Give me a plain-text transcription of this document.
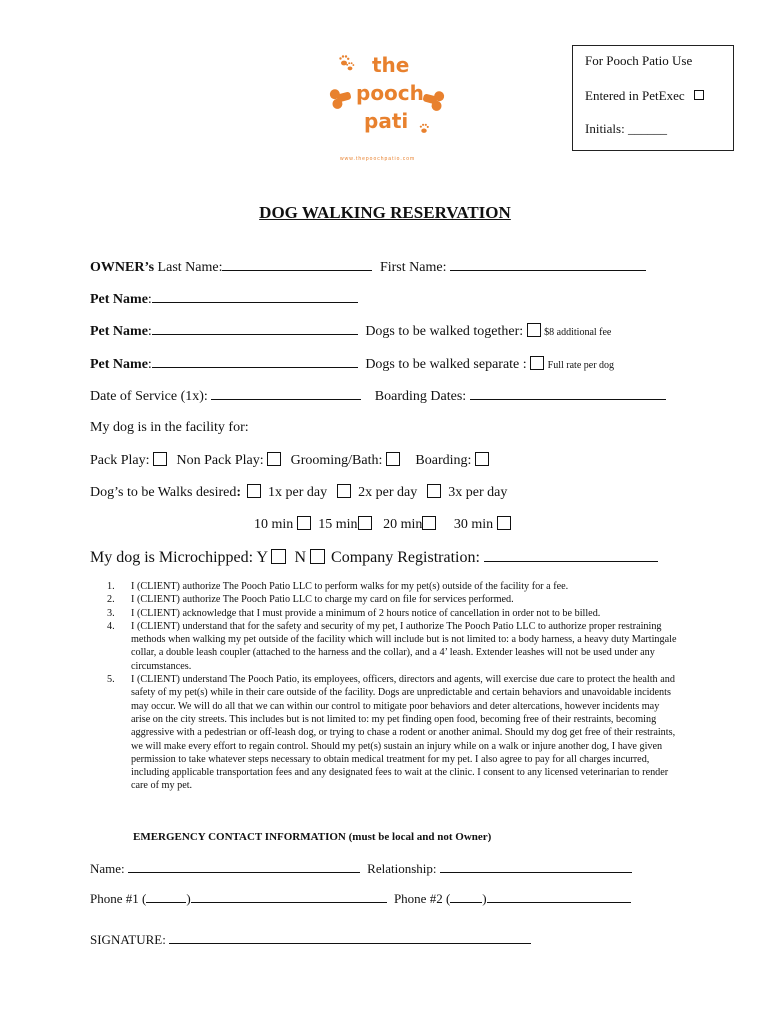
the
pooch
pati
www.thepoochpatio.com
For Pooch Patio Use
Entered in PetExec
Initials: ______
DOG WALKING RESERVATION
OWNER’s Last Name:	First Name:
Pet Name:
Pet Name:	Dogs to be walked together: $8 additional fee
Pet Name:	Dogs to be walked separate : Full rate per dog
Date of Service (1x):	Boarding Dates:
My dog is in the facility for:
Pack Play: Non Pack Play: Grooming/Bath: Boarding:
Dog’s to be Walks desired: 1x per day 2x per day 3x per day
10 min 15 min 20 min 30 min
My dog is Microchipped: Y N Company Registration:
1. I (CLIENT) authorize The Pooch Patio LLC to perform walks for my pet(s) outside of the facility for a fee.
2. I (CLIENT) authorize The Pooch Patio LLC to charge my card on file for services performed.
3. I (CLIENT) acknowledge that I must provide a minimum of 2 hours notice of cancellation in order not to be billed.
4. I (CLIENT) understand that for the safety and security of my pet, I authorize The Pooch Patio LLC to authorize proper restraining methods when walking my pet outside of the facility which will include but is not limited to: a body harness, a heavy duty Martingale collar, a double leash coupler (attached to the harness and the collar), and a 4’ leash. Extender leashes will not be used under any circumstances.
5. I (CLIENT) understand The Pooch Patio, its employees, officers, directors and agents, will exercise due care to protect the health and safety of my pet(s) while in their care outside of the facility. Dogs are unpredictable and certain behaviors and unavoidable incidents may occur. We will do all that we can within our control to mitigate poor behaviors and deter altercations, however incidents may arise on the city streets. This includes but is not limited to: my pet finding open food, becoming free of their restraints, becoming aggressive with a pedestrian or off-leash dog, or trying to chase a rodent or another animal. Should my dog get free of their restraints, we will make every effort to regain control. Should my pet(s) sustain an injury while on a walk or injure another dog, I have given permission to take whatever steps necessary to obtain medical treatment for my pet. I also agree to pay for all charges incurred, including applicable transportation fees and any designated fees to wait at the clinic. I consent to any licensed veterinarian to render care of my pet.
EMERGENCY CONTACT INFORMATION (must be local and not Owner)
Name:	Relationship:
Phone #1 (	)	Phone #2 ( )
SIGNATURE:
